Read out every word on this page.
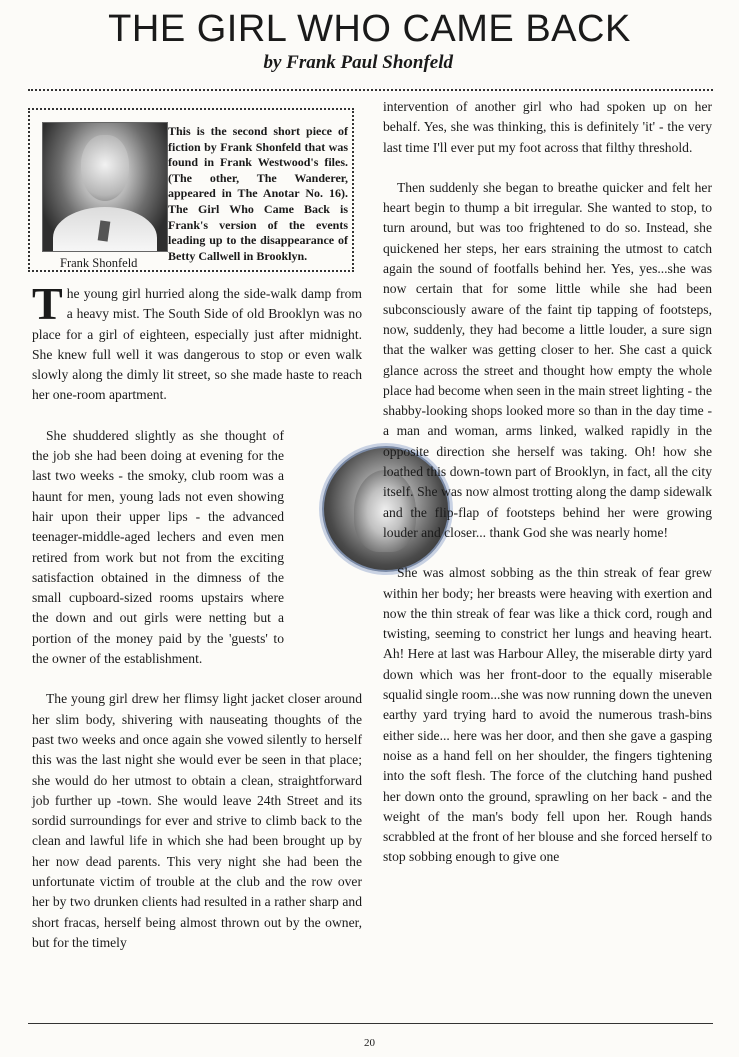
THE GIRL WHO CAME BACK
by Frank Paul Shonfeld
Frank Shonfeld
This is the second short piece of fiction by Frank Shonfeld that was found in Frank Westwood's files. (The other, The Wanderer, appeared in The Anotar No. 16). The Girl Who Came Back is Frank's version of the events leading up to the disappearance of Betty Callwell in Brooklyn.

The young girl hurried along the side-walk damp from a heavy mist. The South Side of old Brooklyn was no place for a girl of eighteen, especially just after midnight. She knew full well it was dangerous to stop or even walk slowly along the dimly lit street, so she made haste to reach her one-room apartment.

She shuddered slightly as she thought of the job she had been doing at evening for the last two weeks - the smoky, club room was a haunt for men, young lads not even showing hair upon their upper lips - the advanced teenager-middle-aged lechers and even men retired from work but not from the exciting satisfaction obtained in the dimness of the small cupboard-sized rooms upstairs where the down and out girls were netting but a portion of the money paid by the 'guests' to the owner of the establishment.

The young girl drew her flimsy light jacket closer around her slim body, shivering with nauseating thoughts of the past two weeks and once again she vowed silently to herself this was the last night she would ever be seen in that place; she would do her utmost to obtain a clean, straightforward job further up -town. She would leave 24th Street and its sordid surroundings for ever and strive to climb back to the clean and lawful life in which she had been brought up by her now dead parents. This very night she had been the unfortunate victim of trouble at the club and the row over her by two drunken clients had resulted in a rather sharp and short fracas, herself being almost thrown out by the owner, but for the timely

intervention of another girl who had spoken up on her behalf. Yes, she was thinking, this is definitely 'it' - the very last time I'll ever put my foot across that filthy threshold.

Then suddenly she began to breathe quicker and felt her heart begin to thump a bit irregular. She wanted to stop, to turn around, but was too frightened to do so. Instead, she quickened her steps, her ears straining the utmost to catch again the sound of footfalls behind her. Yes, yes...she was now certain that for some little while she had been subconsciously aware of the faint tip tapping of footsteps, now, suddenly, they had become a little louder, a sure sign that the walker was getting closer to her. She cast a quick glance across the street and thought how empty the whole place had become when seen in the main street lighting - the shabby-looking shops looked more so than in the day time - a man and woman, arms linked, walked rapidly in the opposite direction she herself was taking. Oh! how she loathed this down-town part of Brooklyn, in fact, all the city itself. She was now almost trotting along the damp sidewalk and the flip-flap of footsteps behind her were growing louder and closer... thank God she was nearly home!

She was almost sobbing as the thin streak of fear grew within her body; her breasts were heaving with exertion and now the thin streak of fear was like a thick cord, rough and twisting, seeming to constrict her lungs and heaving heart. Ah! Here at last was Harbour Alley, the miserable dirty yard down which was her front-door to the equally miserable squalid single room...she was now running down the uneven earthy yard trying hard to avoid the numerous trash-bins either side... here was her door, and then she gave a gasping noise as a hand fell on her shoulder, the fingers tightening into the soft flesh. The force of the clutching hand pushed her down onto the ground, sprawling on her back - and the weight of the man's body fell upon her. Rough hands scrabbled at the front of her blouse and she forced herself to stop sobbing enough to give one

20
